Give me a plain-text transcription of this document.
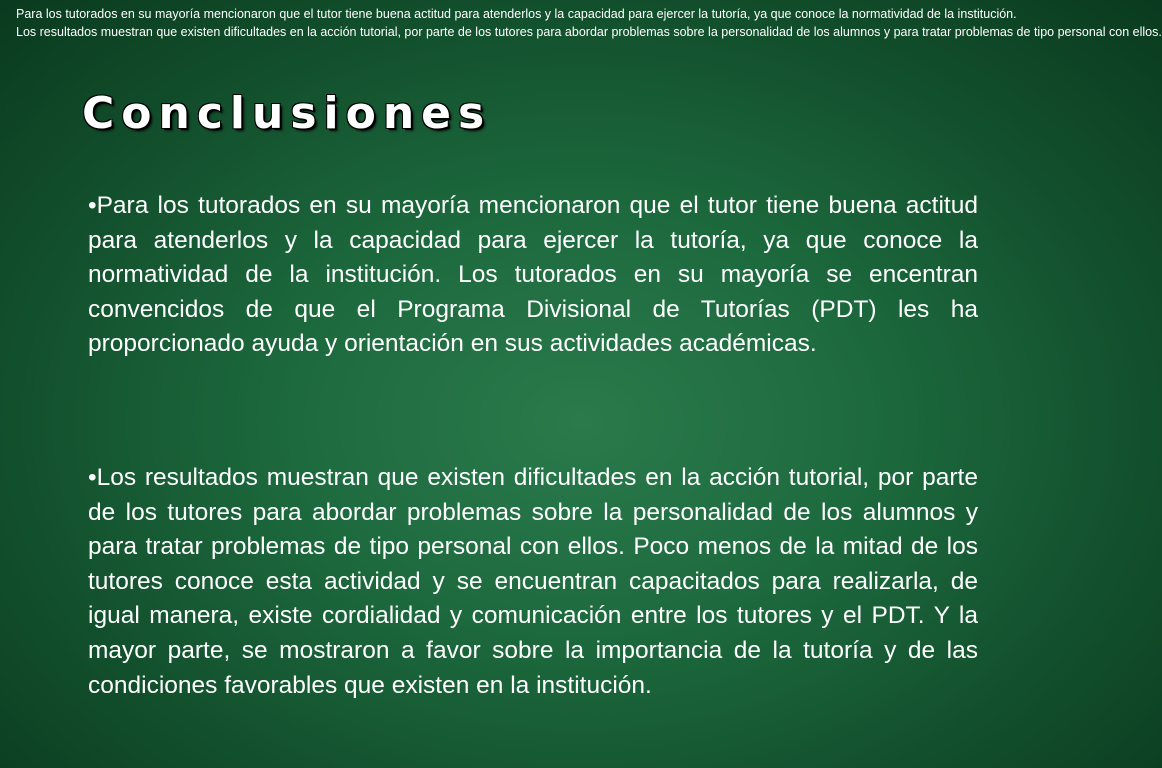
Para los tutorados en su mayoría mencionaron que el tutor tiene buena actitud para atenderlos y la capacidad para ejercer la tutoría, ya que conoce la normatividad de la institución.
Los resultados muestran que existen dificultades en la acción tutorial, por parte de los tutores para abordar problemas sobre la personalidad de los alumnos y para tratar problemas de tipo personal con ellos.
Conclusiones

•Para los tutorados en su mayoría mencionaron que el tutor tiene buena actitud para atenderlos y la capacidad para ejercer la tutoría, ya que conoce la normatividad de la institución. Los tutorados en su mayoría se encentran convencidos de que el Programa Divisional de Tutorías (PDT) les ha proporcionado ayuda y orientación en sus actividades académicas.

•Los resultados muestran que existen dificultades en la acción tutorial, por parte de los tutores para abordar problemas sobre la personalidad de los alumnos y para tratar problemas de tipo personal con ellos. Poco menos de la mitad de los tutores conoce esta actividad y se encuentran capacitados para realizarla, de igual manera, existe cordialidad y comunicación entre los tutores y el PDT. Y la mayor parte, se mostraron a favor sobre la importancia de la tutoría y de las condiciones favorables que existen en la institución.
